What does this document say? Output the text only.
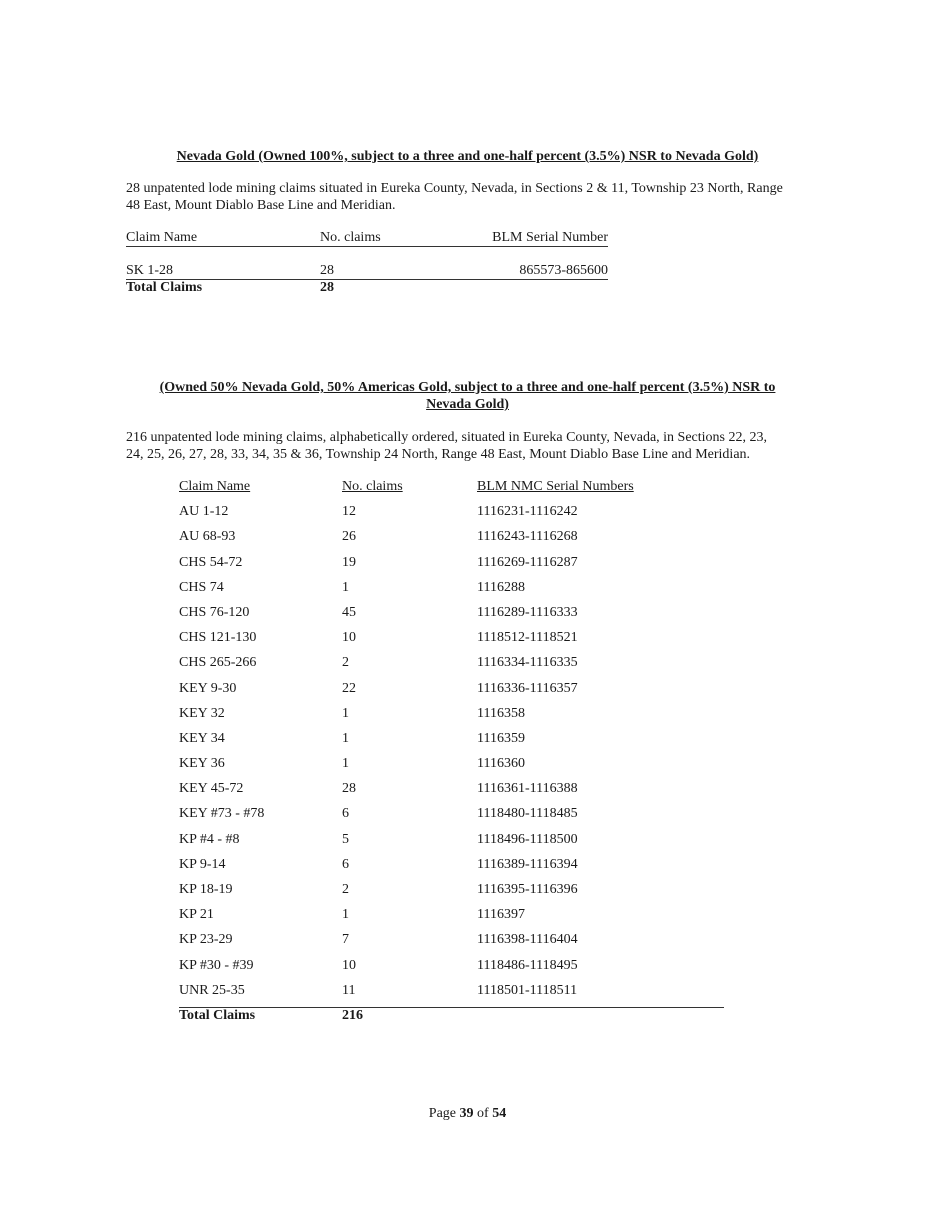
Nevada Gold (Owned 100%, subject to a three and one-half percent (3.5%) NSR to Nevada Gold)
28 unpatented lode mining claims situated in Eureka County, Nevada, in Sections 2 & 11, Township 23 North, Range
48 East, Mount Diablo Base Line and Meridian.
Claim Name	No. claims	BLM Serial Number
SK 1-28	28	865573-865600
Total Claims	28
(Owned 50% Nevada Gold, 50% Americas Gold, subject to a three and one-half percent (3.5%) NSR to
Nevada Gold)
216 unpatented lode mining claims, alphabetically ordered, situated in Eureka County, Nevada, in Sections 22, 23,
24, 25, 26, 27, 28, 33, 34, 35 & 36, Township 24 North, Range 48 East, Mount Diablo Base Line and Meridian.
Claim Name	No. claims	BLM NMC Serial Numbers
AU 1-12	12	1116231-1116242
AU 68-93	26	1116243-1116268
CHS 54-72	19	1116269-1116287
CHS 74	1	1116288
CHS 76-120	45	1116289-1116333
CHS 121-130	10	1118512-1118521
CHS 265-266	2	1116334-1116335
KEY 9-30	22	1116336-1116357
KEY 32	1	1116358
KEY 34	1	1116359
KEY 36	1	1116360
KEY 45-72	28	1116361-1116388
KEY #73 - #78	6	1118480-1118485
KP #4 - #8	5	1118496-1118500
KP 9-14	6	1116389-1116394
KP 18-19	2	1116395-1116396
KP 21	1	1116397
KP 23-29	7	1116398-1116404
KP #30 - #39	10	1118486-1118495
UNR 25-35	11	1118501-1118511
Total Claims	216
Page 39 of 54
